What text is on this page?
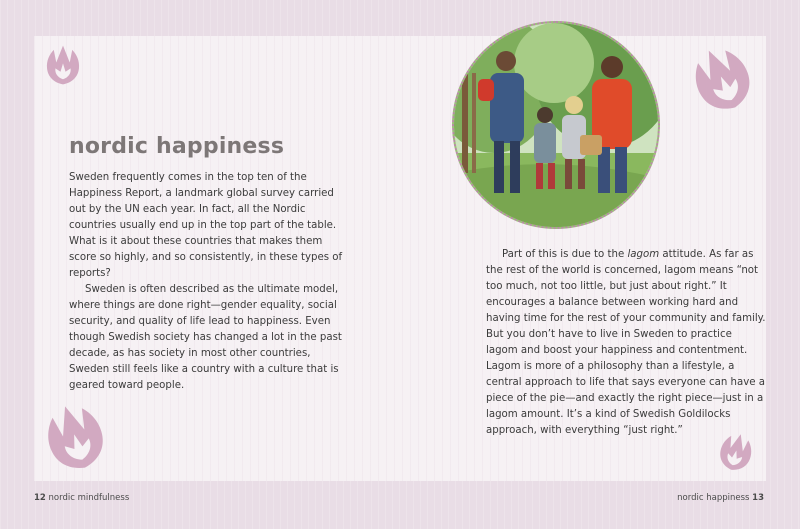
nordic happiness

Sweden frequently comes in the top ten of the Happiness Report, a landmark global survey carried out by the UN each year. In fact, all the Nordic countries usually end up in the top part of the table. What is it about these countries that makes them score so highly, and so consistently, in these types of reports?

Sweden is often described as the ultimate model, where things are done right—gender equality, social security, and quality of life lead to happiness. Even though Swedish society has changed a lot in the past decade, as has society in most other countries, Sweden still feels like a country with a culture that is geared toward people.

Part of this is due to the lagom attitude. As far as the rest of the world is concerned, lagom means “not too much, not too little, but just about right.” It encourages a balance between working hard and having time for the rest of your community and family. But you don’t have to live in Sweden to practice lagom and boost your happiness and contentment. Lagom is more of a philosophy than a lifestyle, a central approach to life that says everyone can have a piece of the pie—and exactly the right piece—just in a lagom amount. It’s a kind of Swedish Goldilocks approach, with everything “just right.”

12 nordic mindfulness	nordic happiness 13
